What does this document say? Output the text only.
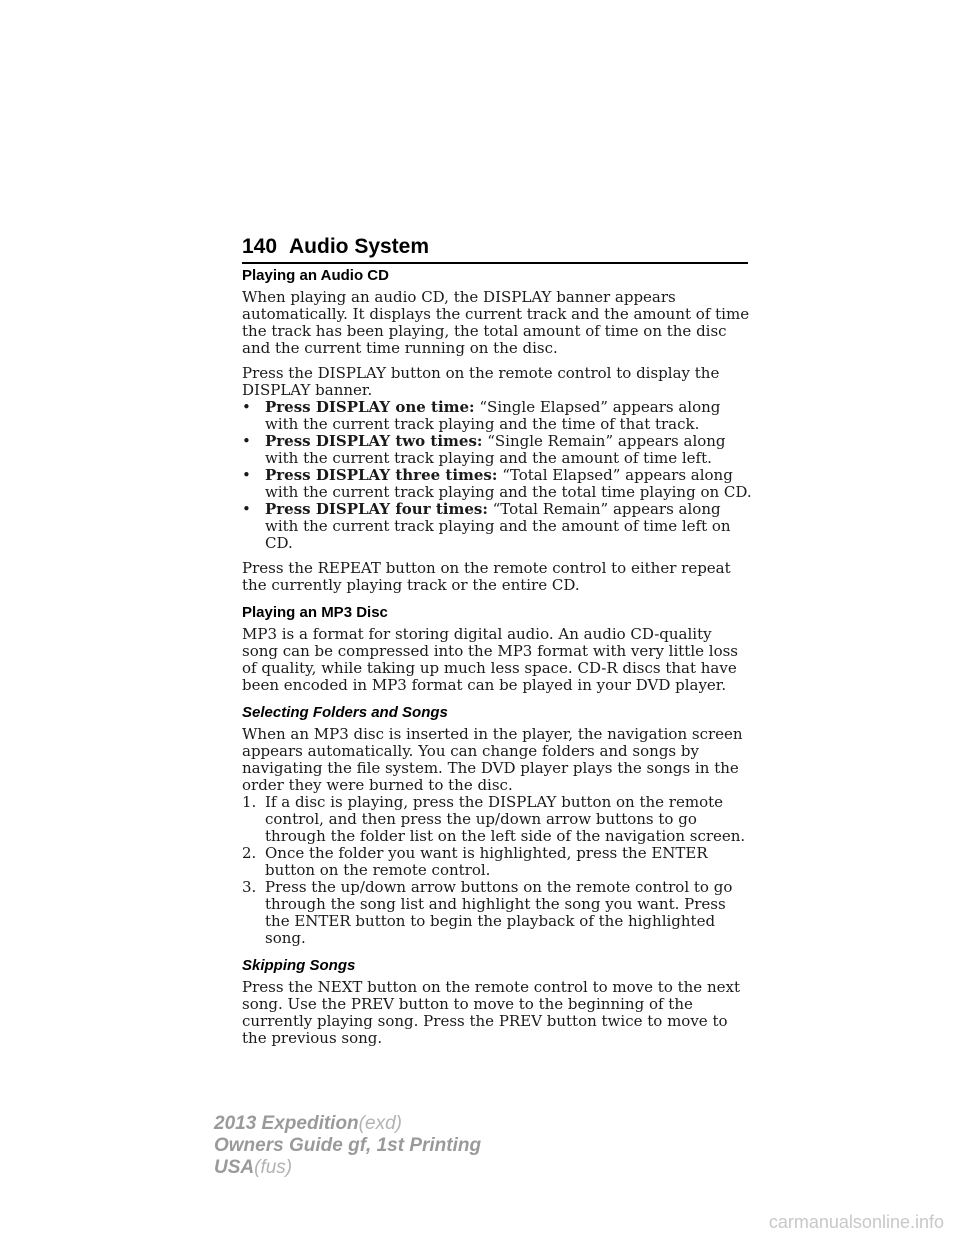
140 Audio System
Playing an Audio CD

When playing an audio CD, the DISPLAY banner appears automatically. It displays the current track and the amount of time the track has been playing, the total amount of time on the disc and the current time running on the disc.

Press the DISPLAY button on the remote control to display the DISPLAY banner.

• Press DISPLAY one time: “Single Elapsed” appears along with the current track playing and the time of that track.
• Press DISPLAY two times: “Single Remain” appears along with the current track playing and the amount of time left.
• Press DISPLAY three times: “Total Elapsed” appears along with the current track playing and the total time playing on CD.
• Press DISPLAY four times: “Total Remain” appears along with the current track playing and the amount of time left on CD.

Press the REPEAT button on the remote control to either repeat the currently playing track or the entire CD.

Playing an MP3 Disc

MP3 is a format for storing digital audio. An audio CD-quality song can be compressed into the MP3 format with very little loss of quality, while taking up much less space. CD-R discs that have been encoded in MP3 format can be played in your DVD player.

Selecting Folders and Songs

When an MP3 disc is inserted in the player, the navigation screen appears automatically. You can change folders and songs by navigating the file system. The DVD player plays the songs in the order they were burned to the disc.

1. If a disc is playing, press the DISPLAY button on the remote control, and then press the up/down arrow buttons to go through the folder list on the left side of the navigation screen.
2. Once the folder you want is highlighted, press the ENTER button on the remote control.
3. Press the up/down arrow buttons on the remote control to go through the song list and highlight the song you want. Press the ENTER button to begin the playback of the highlighted song.
Skipping Songs

Press the NEXT button on the remote control to move to the next song. Use the PREV button to move to the beginning of the currently playing song. Press the PREV button twice to move to the previous song.

2013 Expedition(exd)
Owners Guide gf, 1st Printing
USA(fus)
carmanualsonline.info
